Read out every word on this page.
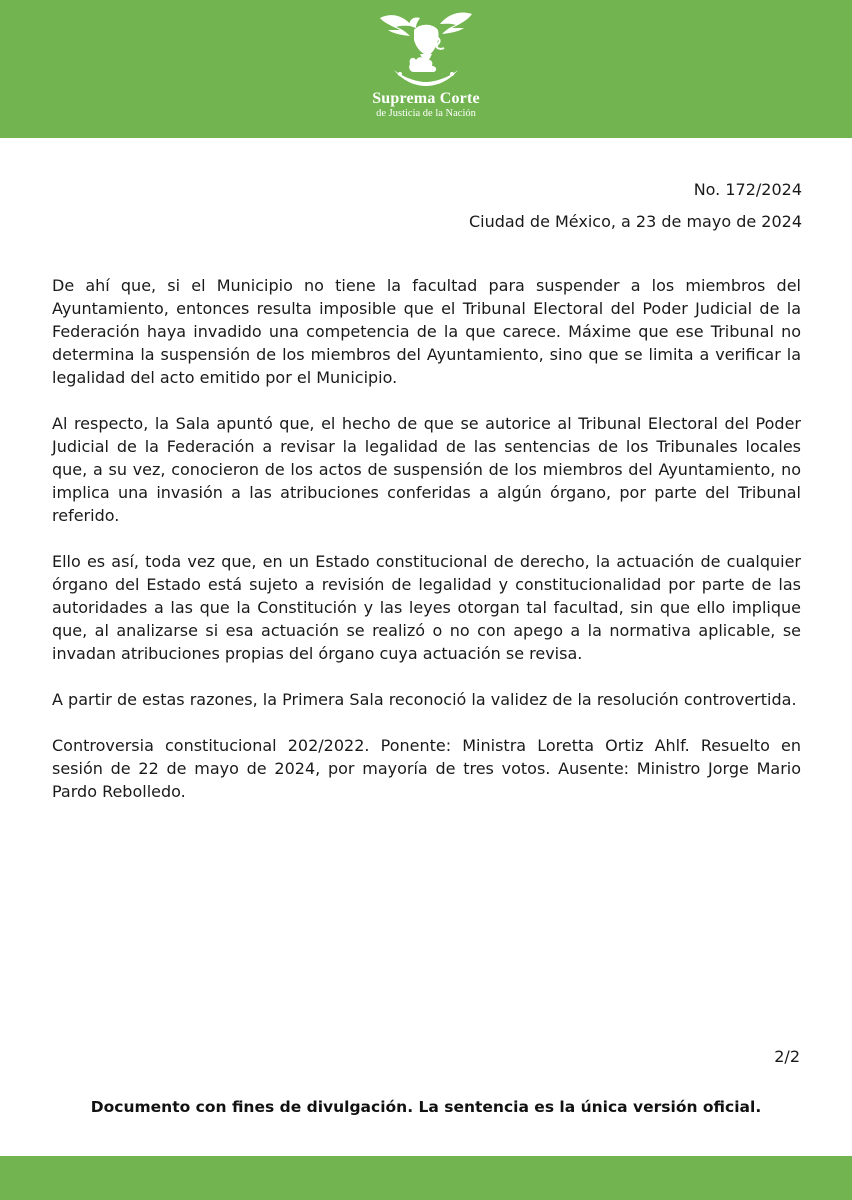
Suprema Corte
de Justicia de la Nación
No. 172/2024
Ciudad de México, a 23 de mayo de 2024

De ahí que, si el Municipio no tiene la facultad para suspender a los miembros del Ayuntamiento, entonces resulta imposible que el Tribunal Electoral del Poder Judicial de la Federación haya invadido una competencia de la que carece. Máxime que ese Tribunal no determina la suspensión de los miembros del Ayuntamiento, sino que se limita a verificar la legalidad del acto emitido por el Municipio.

Al respecto, la Sala apuntó que, el hecho de que se autorice al Tribunal Electoral del Poder Judicial de la Federación a revisar la legalidad de las sentencias de los Tribunales locales que, a su vez, conocieron de los actos de suspensión de los miembros del Ayuntamiento, no implica una invasión a las atribuciones conferidas a algún órgano, por parte del Tribunal referido.

Ello es así, toda vez que, en un Estado constitucional de derecho, la actuación de cualquier órgano del Estado está sujeto a revisión de legalidad y constitucionalidad por parte de las autoridades a las que la Constitución y las leyes otorgan tal facultad, sin que ello implique que, al analizarse si esa actuación se realizó o no con apego a la normativa aplicable, se invadan atribuciones propias del órgano cuya actuación se revisa.

A partir de estas razones, la Primera Sala reconoció la validez de la resolución controvertida.

Controversia constitucional 202/2022. Ponente: Ministra Loretta Ortiz Ahlf. Resuelto en sesión de 22 de mayo de 2024, por mayoría de tres votos. Ausente: Ministro Jorge Mario Pardo Rebolledo.

2/2
Documento con fines de divulgación. La sentencia es la única versión oficial.
